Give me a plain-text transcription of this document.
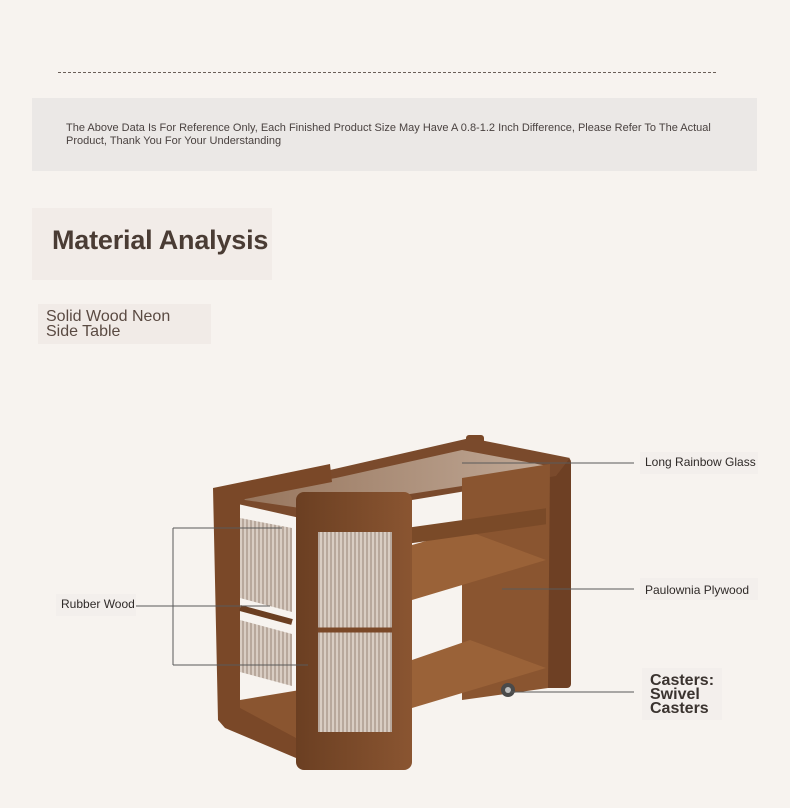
The Above Data Is For Reference Only, Each Finished Product Size May Have A 0.8-1.2 Inch Difference, Please Refer To The Actual Product, Thank You For Your Understanding
Material Analysis
Solid Wood Neon Side Table
Long Rainbow Glass
Paulownia Plywood
Casters: Swivel Casters
Rubber Wood
